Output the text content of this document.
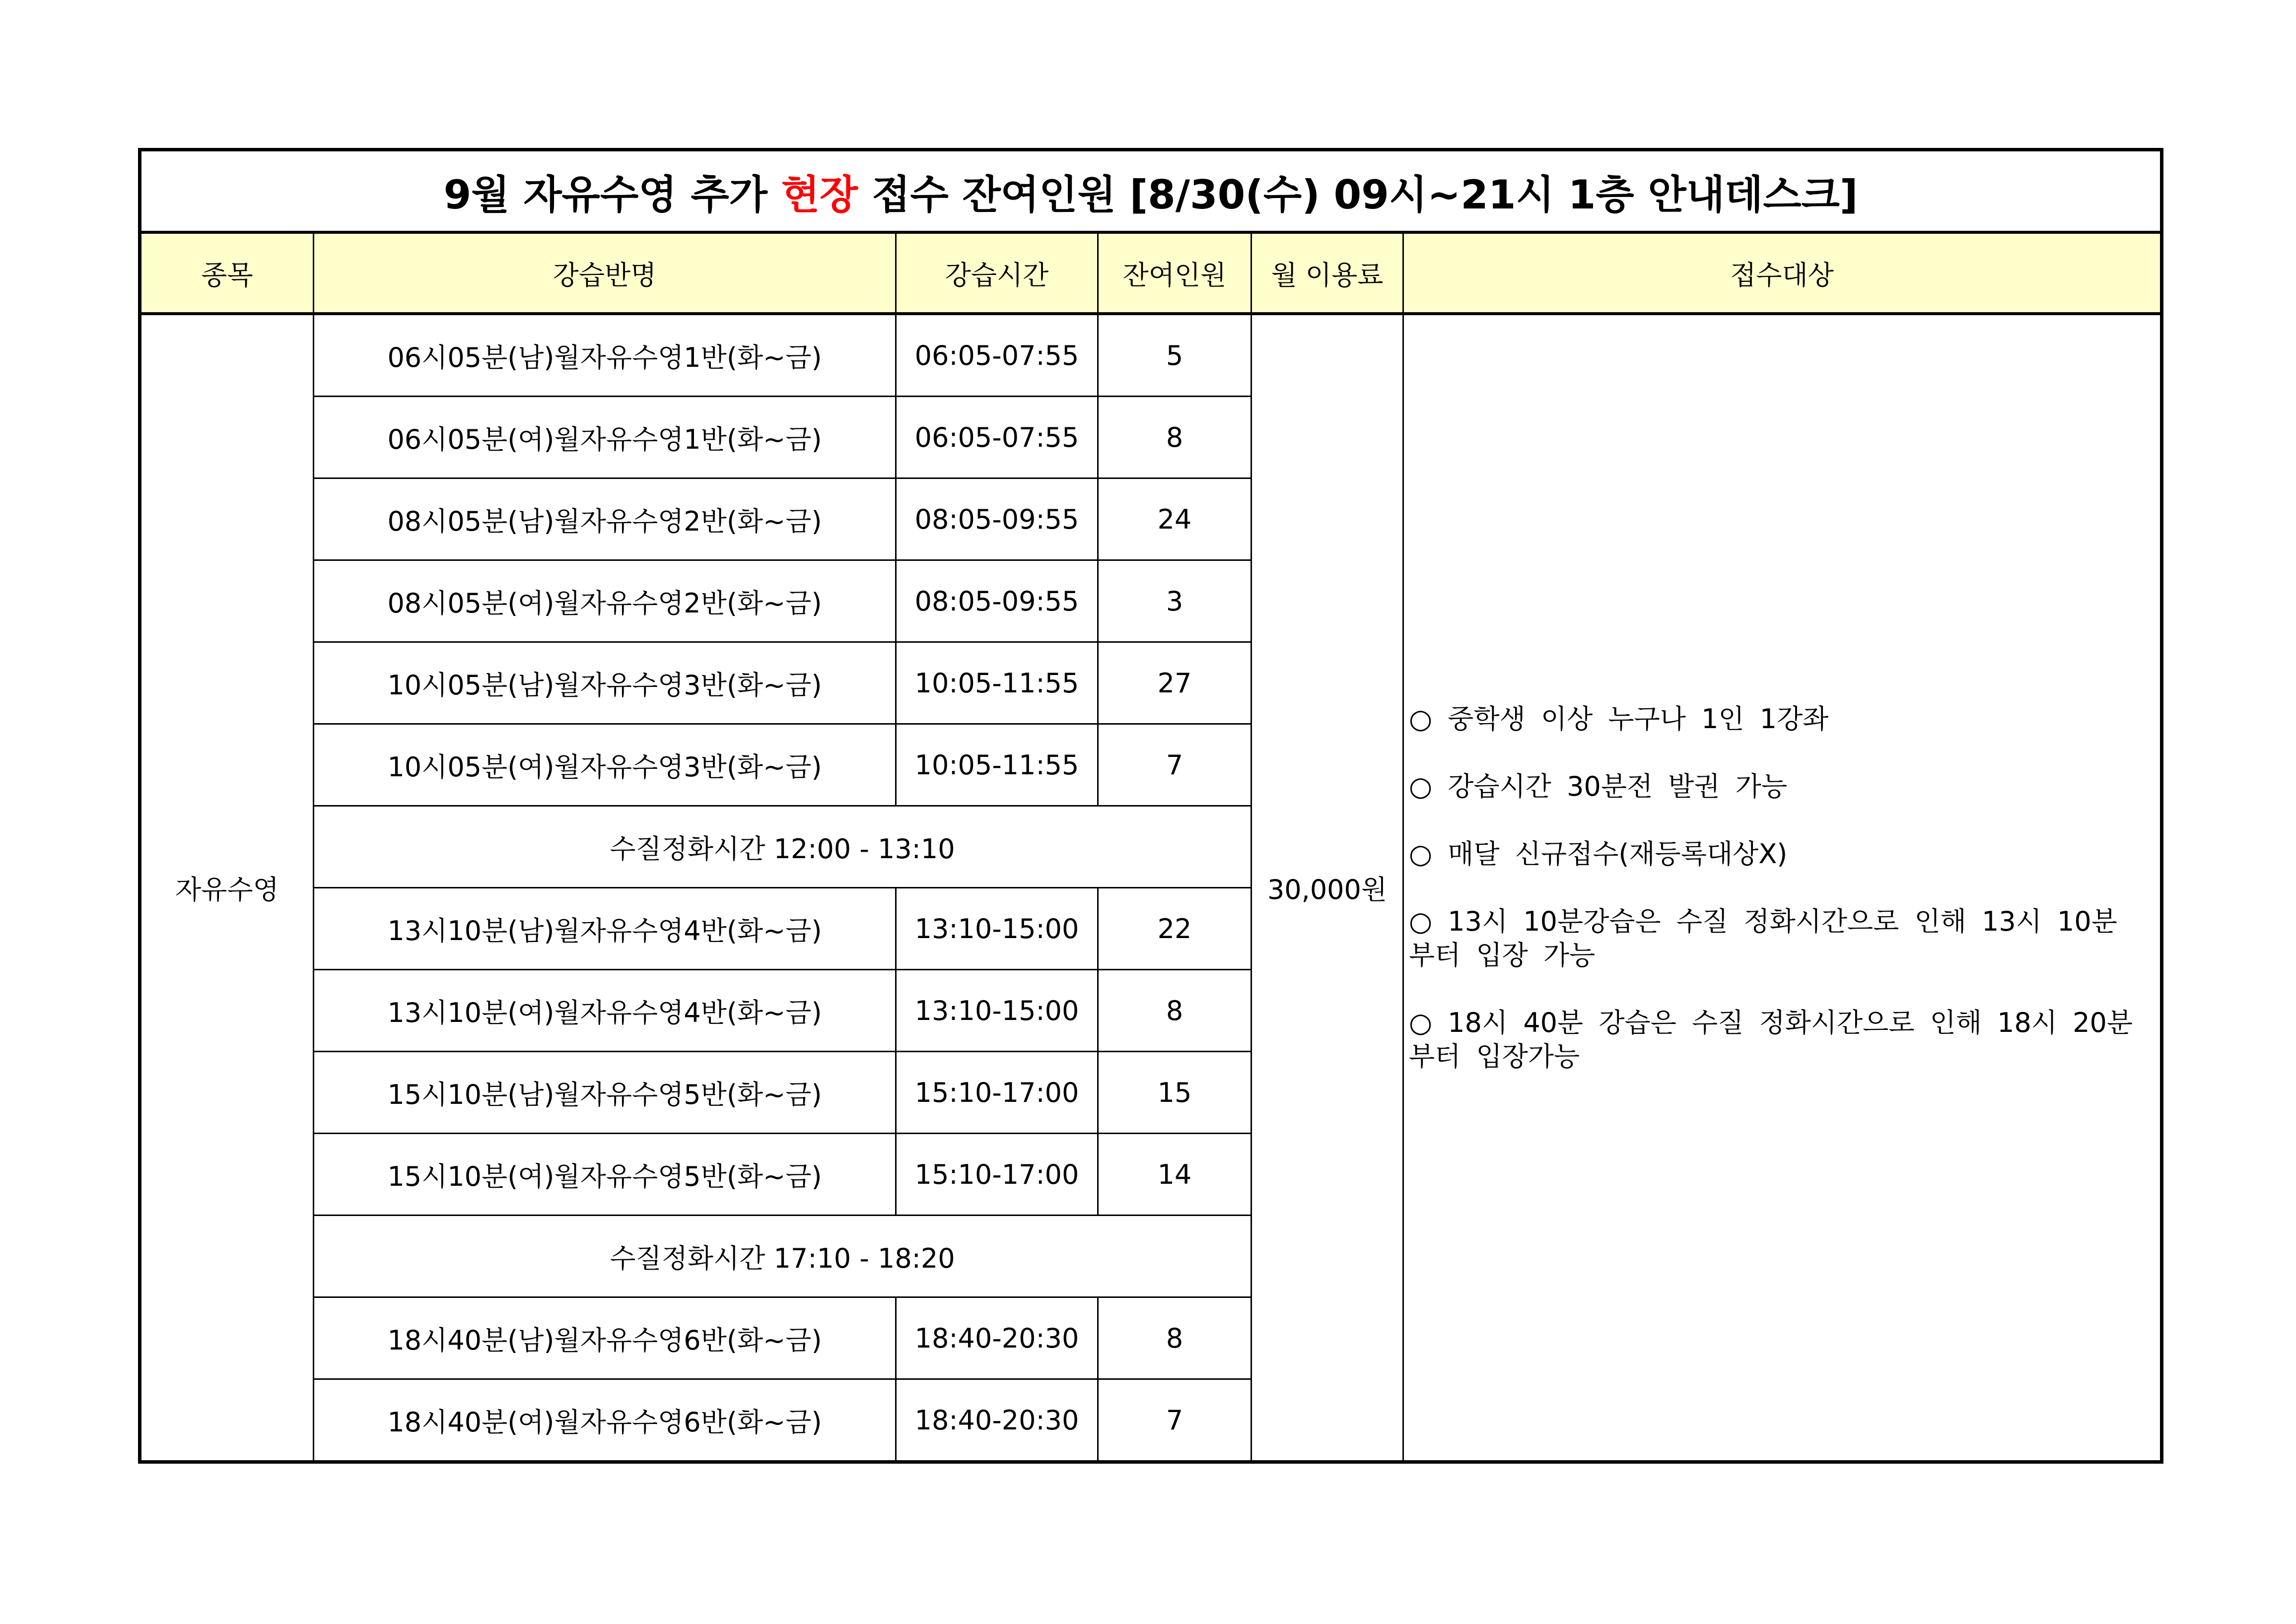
9월 자유수영 추가 현장 접수 잔여인원 [8/30(수) 09시~21시 1층 안내데스크]					
종목	강습반명	강습시간	잔여인원	월 이용료	접수대상
자유수영	06시05분(남)월자유수영1반(화~금)	06:05-07:55	5	30,000원	○ 중학생 이상 누구나 1인 1강좌

○ 강습시간 30분전 발권 가능

○ 매달 신규접수(재등록대상X)

○ 13시 10분강습은 수질 정화시간으로 인해 13시 10분 부터 입장 가능

○ 18시 40분 강습은 수질 정화시간으로 인해 18시 20분 부터 입장가능

	06시05분(여)월자유수영1반(화~금)	06:05-07:55	8		
	08시05분(남)월자유수영2반(화~금)	08:05-09:55	24		
	08시05분(여)월자유수영2반(화~금)	08:05-09:55	3		
	10시05분(남)월자유수영3반(화~금)	10:05-11:55	27		
	10시05분(여)월자유수영3반(화~금)	10:05-11:55	7		
	수질정화시간 12:00 - 13:10				
	13시10분(남)월자유수영4반(화~금)	13:10-15:00	22		
	13시10분(여)월자유수영4반(화~금)	13:10-15:00	8		
	15시10분(남)월자유수영5반(화~금)	15:10-17:00	15		
	15시10분(여)월자유수영5반(화~금)	15:10-17:00	14		
	수질정화시간 17:10 - 18:20				
	18시40분(남)월자유수영6반(화~금)	18:40-20:30	8		
	18시40분(여)월자유수영6반(화~금)	18:40-20:30	7		
